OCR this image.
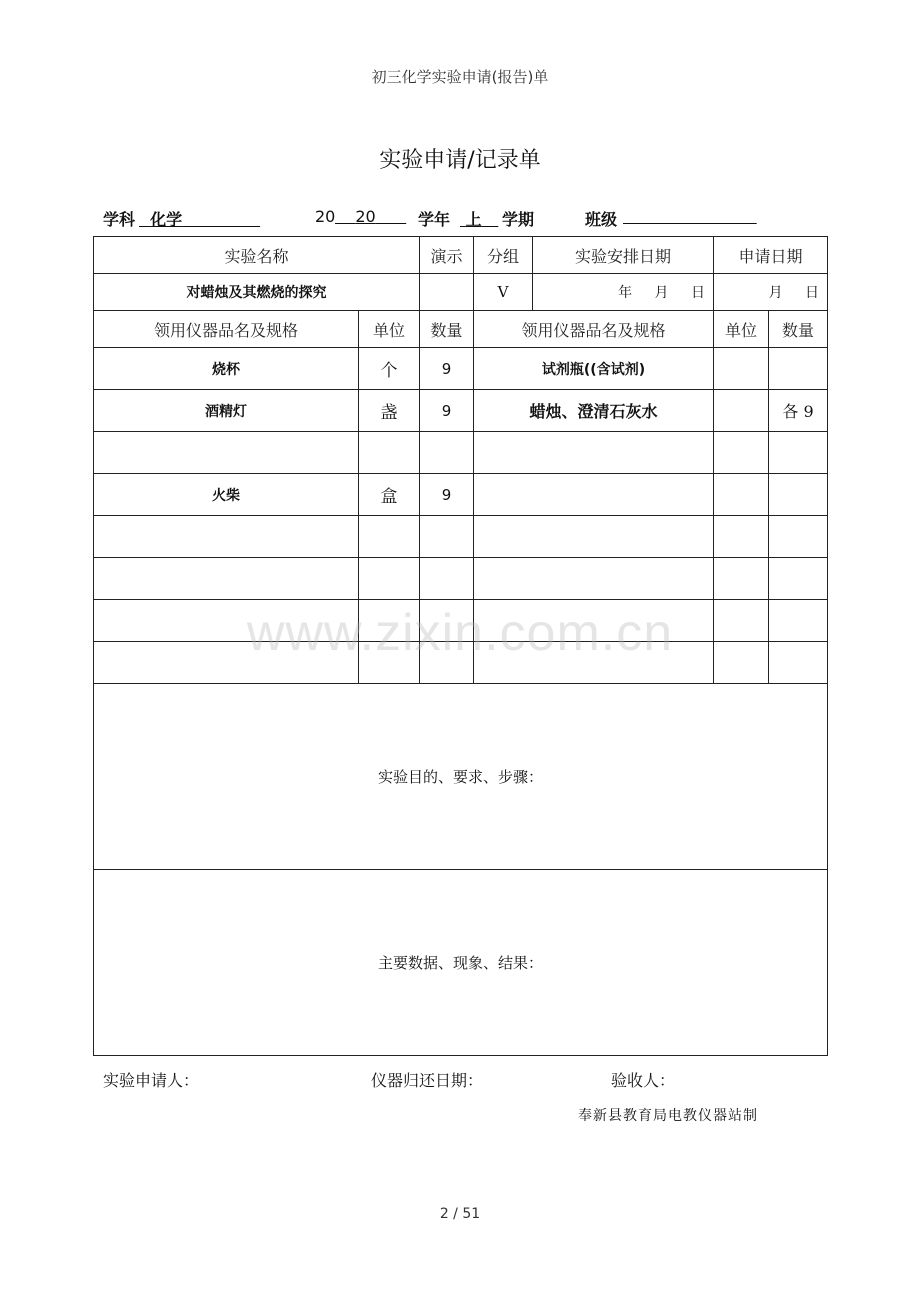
初三化学实验申请(报告)单
实验申请/记录单
学科 化学	20	20	学年 上	学期	班级

实验名称		演示	分组	实验安排日期	申请日期	
对蜡烛及其燃烧的探究			V	年 月 日	月 日	
领用仪器品名及规格	单位	数量	领用仪器品名及规格		单位	数量
烧杯	个	9	试剂瓶((含试剂)			
酒精灯	盏	9	蜡烛、澄清石灰水			各 9

火柴	盒	9				

实验目的、要求、步骤：						
主要数据、现象、结果：						
www.zixin.com.cn
实验申请人：	仪器归还日期：	验收人：
奉新县教育局电教仪器站制
2 / 51
